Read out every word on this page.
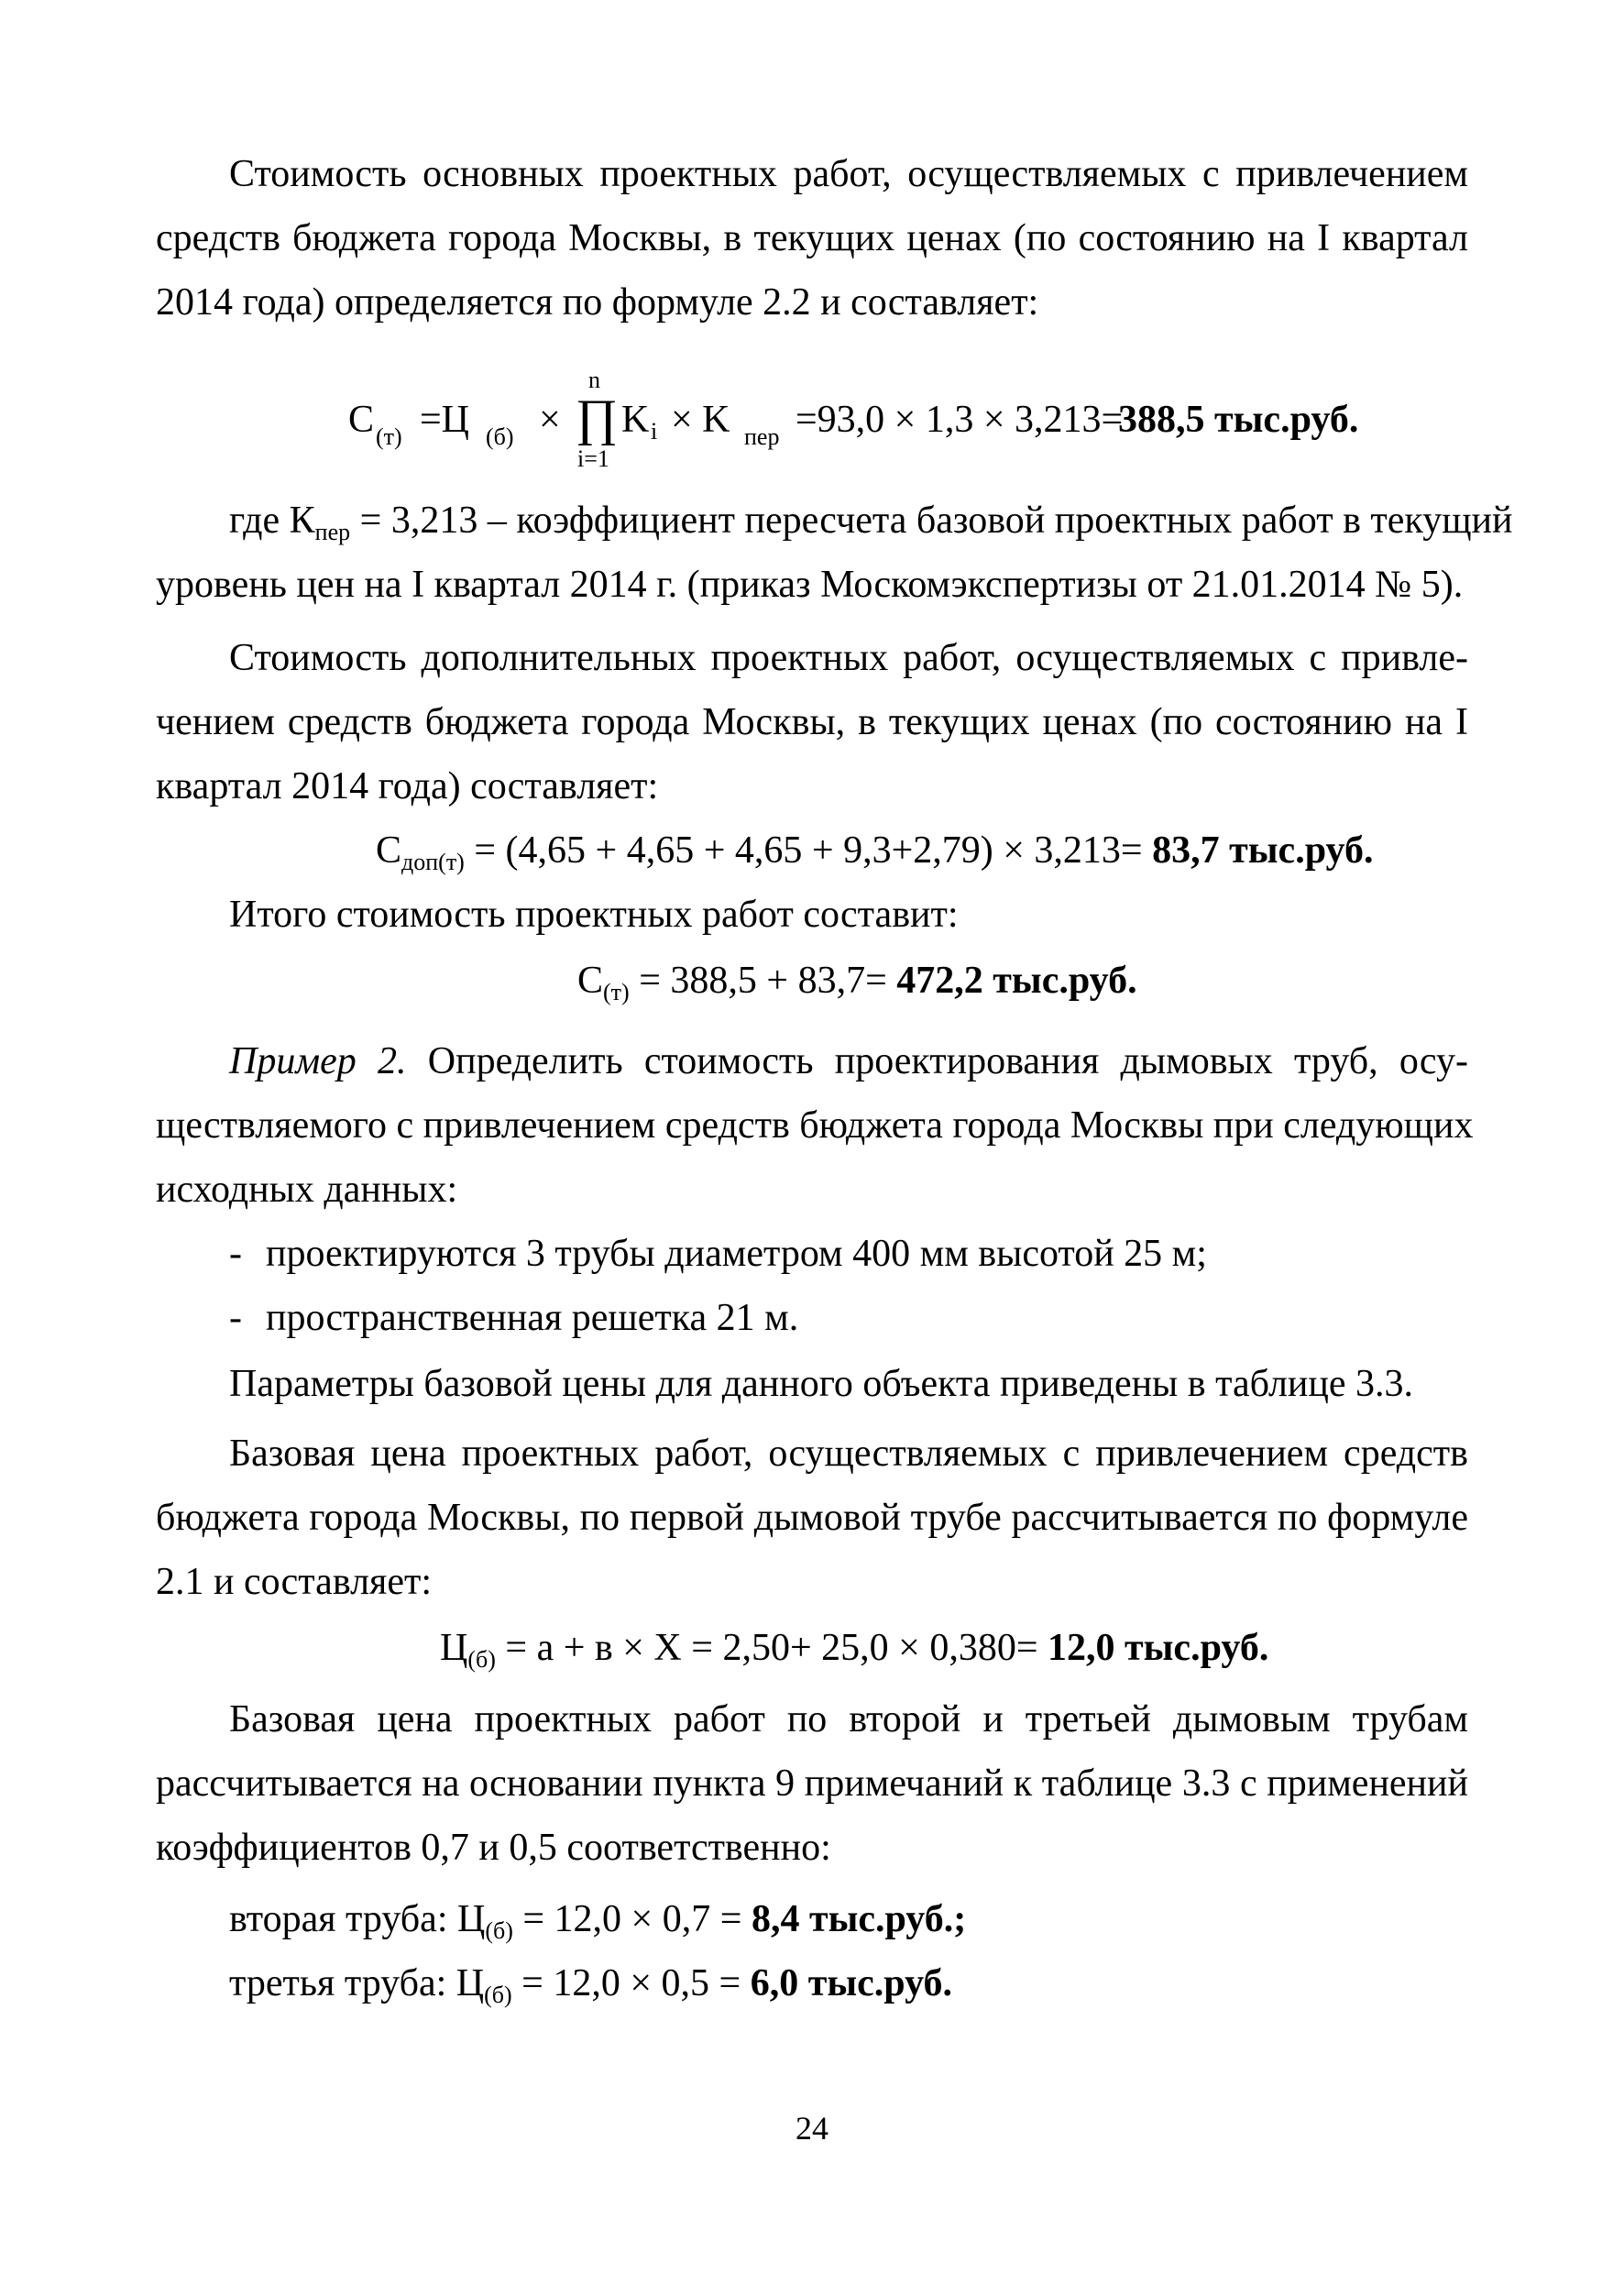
Стоимость основных проектных работ, осуществляемых с привлечением
средств бюджета города Москвы, в текущих ценах (по состоянию на I квартал
2014 года) определяется по формуле 2.2 и составляет:
С (т) =Ц (б) ×
n
∏
i=1
K i × K пер =93,0 × 1,3 × 3,213=
388,5 тыс.руб.
где $К_{пер} = 3,213$ – коэффициент пересчета базовой проектных работ в текущий
уровень цен на I квартал 2014 г. (приказ Москомэкспертизы от 21.01.2014 № 5).
Стоимость дополнительных проектных работ, осуществляемых с привле-
чением средств бюджета города Москвы, в текущих ценах (по состоянию на I
квартал 2014 года) составляет:
$С_{доп(т)} = (4,65 + 4,65 + 4,65 + 9,3+2,79) \times 3,213= 83,7$ тыс.руб.
Итого стоимость проектных работ составит:
$С_{(т)} = 388,5 + 83,7= 472,2$ тыс.руб.
Пример 2. Определить стоимость проектирования дымовых труб, осу-
ществляемого с привлечением средств бюджета города Москвы при следующих
исходных данных:
- проектируются 3 трубы диаметром 400 мм высотой 25 м;
- пространственная решетка 21 м.
Параметры базовой цены для данного объекта приведены в таблице 3.3.
Базовая цена проектных работ, осуществляемых с привлечением средств
бюджета города Москвы, по первой дымовой трубе рассчитывается по формуле
2.1 и составляет:
$Ц_{(б)} = а + в \times Х = 2,50+ 25,0 \times 0,380= 12,0$ тыс.руб.
Базовая цена проектных работ по второй и третьей дымовым трубам
рассчитывается на основании пункта 9 примечаний к таблице 3.3 с применений
коэффициентов 0,7 и 0,5 соответственно:
вторая труба: $Ц_{(б)} = 12,0 \times 0,7 = 8,4$ тыс.руб.;
третья труба: $Ц_{(б)} = 12,0 \times 0,5 = 6,0$ тыс.руб.
24
